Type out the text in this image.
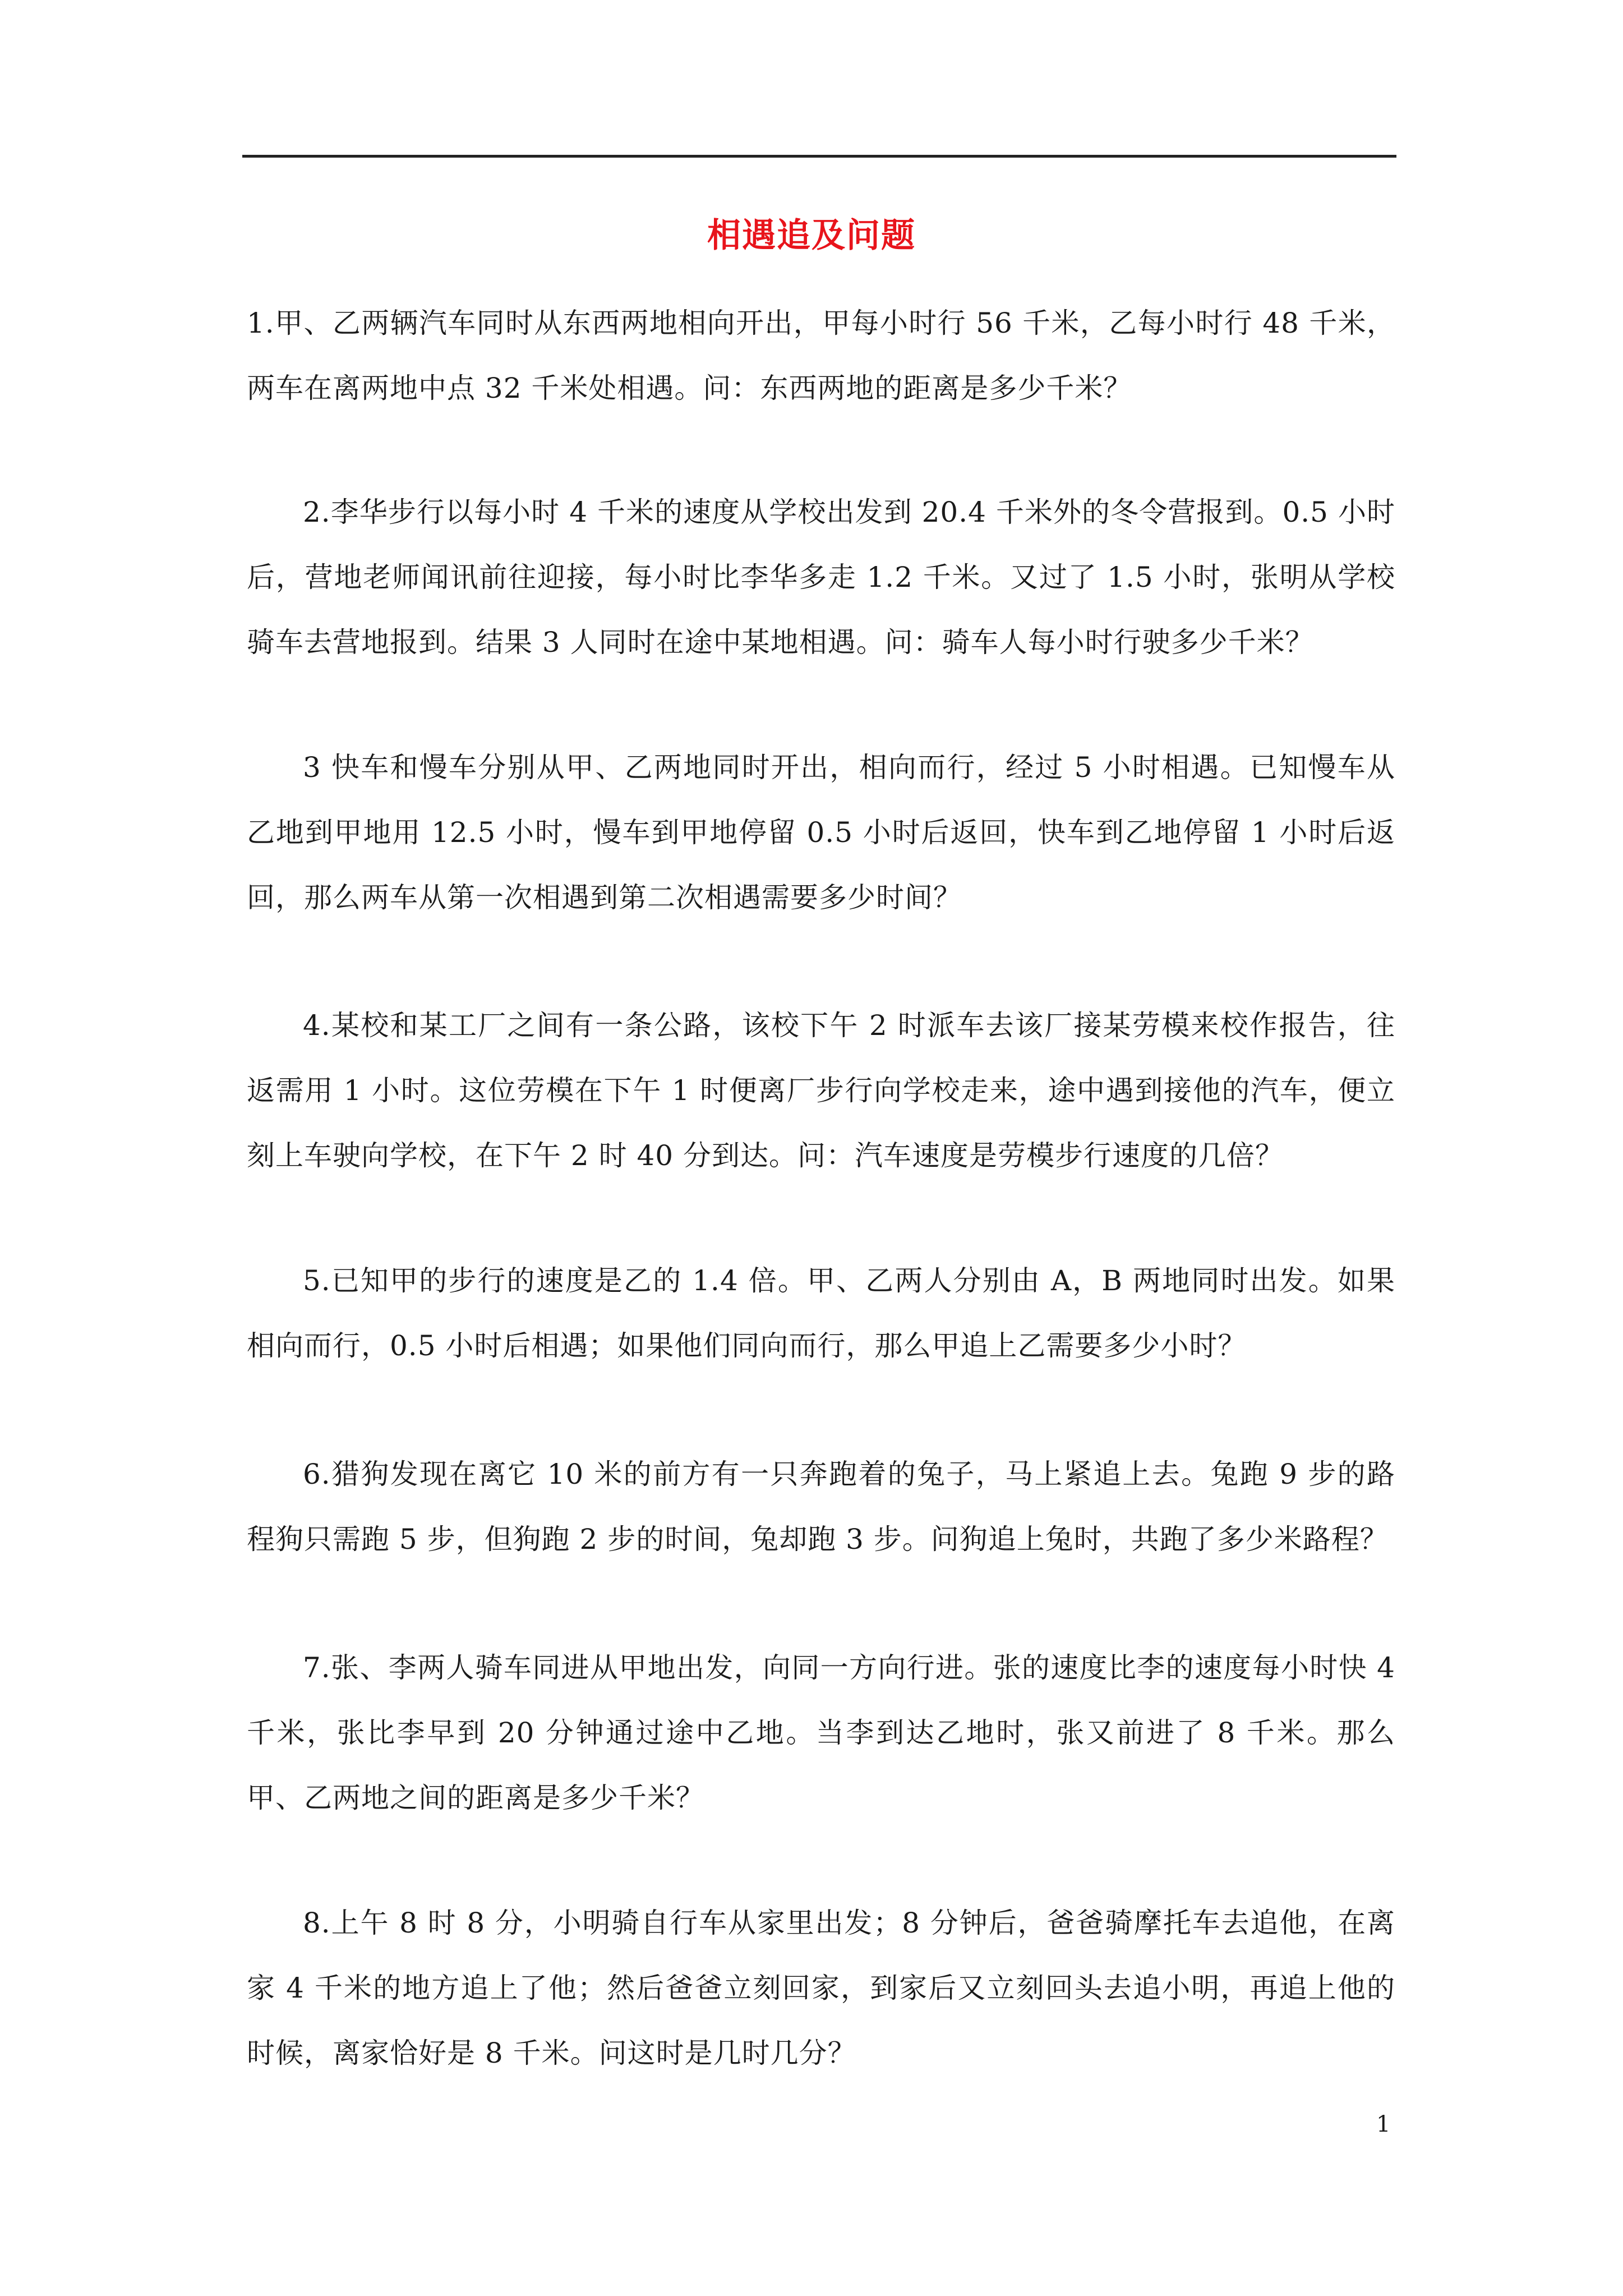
相遇追及问题

1.甲、乙两辆汽车同时从东西两地相向开出，甲每小时行 56 千米，乙每小时行 48 千米，两车在离两地中点 32 千米处相遇。问：东西两地的距离是多少千米？

2.李华步行以每小时 4 千米的速度从学校出发到 20.4 千米外的冬令营报到。0.5 小时后，营地老师闻讯前往迎接，每小时比李华多走 1.2 千米。又过了 1.5 小时，张明从学校骑车去营地报到。结果 3 人同时在途中某地相遇。问：骑车人每小时行驶多少千米？

3 快车和慢车分别从甲、乙两地同时开出，相向而行，经过 5 小时相遇。已知慢车从乙地到甲地用 12.5 小时，慢车到甲地停留 0.5 小时后返回，快车到乙地停留 1 小时后返回，那么两车从第一次相遇到第二次相遇需要多少时间？

4.某校和某工厂之间有一条公路，该校下午 2 时派车去该厂接某劳模来校作报告，往返需用 1 小时。这位劳模在下午 1 时便离厂步行向学校走来，途中遇到接他的汽车，便立刻上车驶向学校，在下午 2 时 40 分到达。问：汽车速度是劳模步行速度的几倍？

5.已知甲的步行的速度是乙的 1.4 倍。甲、乙两人分别由 A，B 两地同时出发。如果相向而行，0.5 小时后相遇；如果他们同向而行，那么甲追上乙需要多少小时？

6.猎狗发现在离它 10 米的前方有一只奔跑着的兔子，马上紧追上去。兔跑 9 步的路程狗只需跑 5 步，但狗跑 2 步的时间，兔却跑 3 步。问狗追上兔时，共跑了多少米路程？

7.张、李两人骑车同进从甲地出发，向同一方向行进。张的速度比李的速度每小时快 4 千米，张比李早到 20 分钟通过途中乙地。当李到达乙地时，张又前进了 8 千米。那么甲、乙两地之间的距离是多少千米？

8.上午 8 时 8 分，小明骑自行车从家里出发；8 分钟后，爸爸骑摩托车去追他，在离家 4 千米的地方追上了他；然后爸爸立刻回家，到家后又立刻回头去追小明，再追上他的时候，离家恰好是 8 千米。问这时是几时几分？

1
